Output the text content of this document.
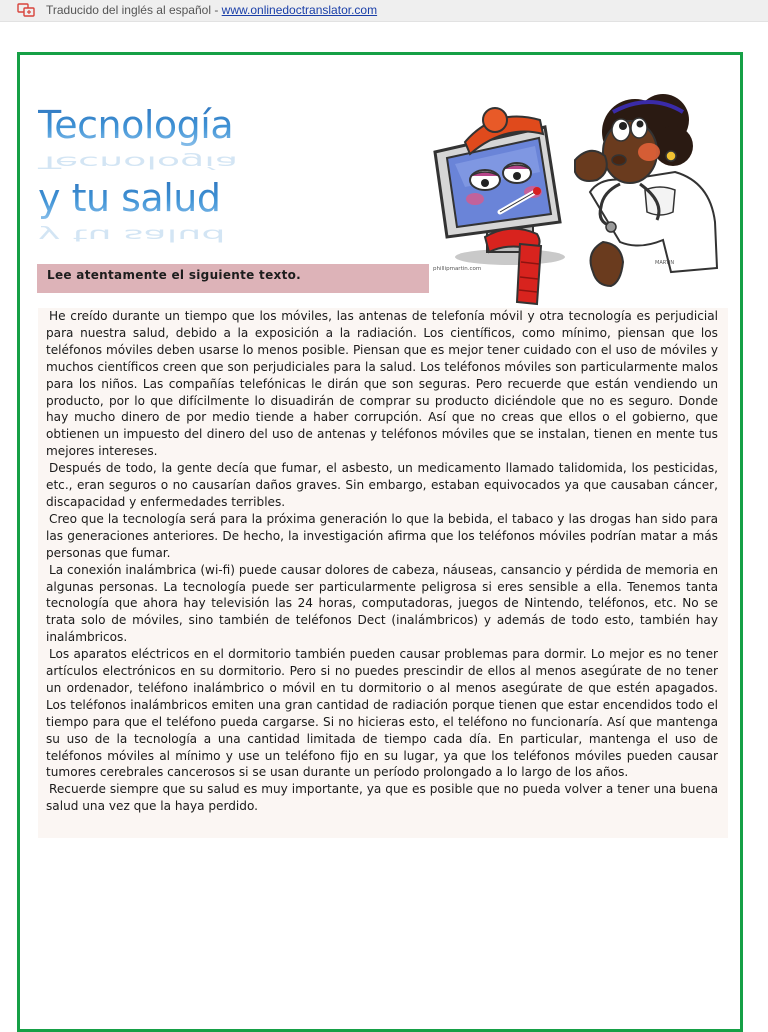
Traducido del inglés al español - www.onlinedoctranslator.com
Tecnología
Tecnología
y tu salud
y tu salud
phillipmartin.com
MARTIN
Lee atentamente el siguiente texto.

He creído durante un tiempo que los móviles, las antenas de telefonía móvil y otra tecnología es perjudicial para nuestra salud, debido a la exposición a la radiación. Los científicos, como mínimo, piensan que los teléfonos móviles deben usarse lo menos posible. Piensan que es mejor tener cuidado con el uso de móviles y muchos científicos creen que son perjudiciales para la salud. Los teléfonos móviles son particularmente malos para los niños. Las compañías telefónicas le dirán que son seguras. Pero recuerde que están vendiendo un producto, por lo que difícilmente lo disuadirán de comprar su producto diciéndole que no es seguro. Donde hay mucho dinero de por medio tiende a haber corrupción. Así que no creas que ellos o el gobierno, que obtienen un impuesto del dinero del uso de antenas y teléfonos móviles que se instalan, tienen en mente tus mejores intereses.

Después de todo, la gente decía que fumar, el asbesto, un medicamento llamado talidomida, los pesticidas, etc., eran seguros o no causarían daños graves. Sin embargo, estaban equivocados ya que causaban cáncer, discapacidad y enfermedades terribles.

Creo que la tecnología será para la próxima generación lo que la bebida, el tabaco y las drogas han sido para las generaciones anteriores. De hecho, la investigación afirma que los teléfonos móviles podrían matar a más personas que fumar.

La conexión inalámbrica (wi-fi) puede causar dolores de cabeza, náuseas, cansancio y pérdida de memoria en algunas personas. La tecnología puede ser particularmente peligrosa si eres sensible a ella. Tenemos tanta tecnología que ahora hay televisión las 24 horas, computadoras, juegos de Nintendo, teléfonos, etc. No se trata solo de móviles, sino también de teléfonos Dect (inalámbricos) y además de todo esto, también hay inalámbricos.

Los aparatos eléctricos en el dormitorio también pueden causar problemas para dormir. Lo mejor es no tener artículos electrónicos en su dormitorio. Pero si no puedes prescindir de ellos al menos asegúrate de no tener un ordenador, teléfono inalámbrico o móvil en tu dormitorio o al menos asegúrate de que estén apagados. Los teléfonos inalámbricos emiten una gran cantidad de radiación porque tienen que estar encendidos todo el tiempo para que el teléfono pueda cargarse. Si no hicieras esto, el teléfono no funcionaría. Así que mantenga su uso de la tecnología a una cantidad limitada de tiempo cada día. En particular, mantenga el uso de teléfonos móviles al mínimo y use un teléfono fijo en su lugar, ya que los teléfonos móviles pueden causar tumores cerebrales cancerosos si se usan durante un período prolongado a lo largo de los años.

Recuerde siempre que su salud es muy importante, ya que es posible que no pueda volver a tener una buena salud una vez que la haya perdido.
